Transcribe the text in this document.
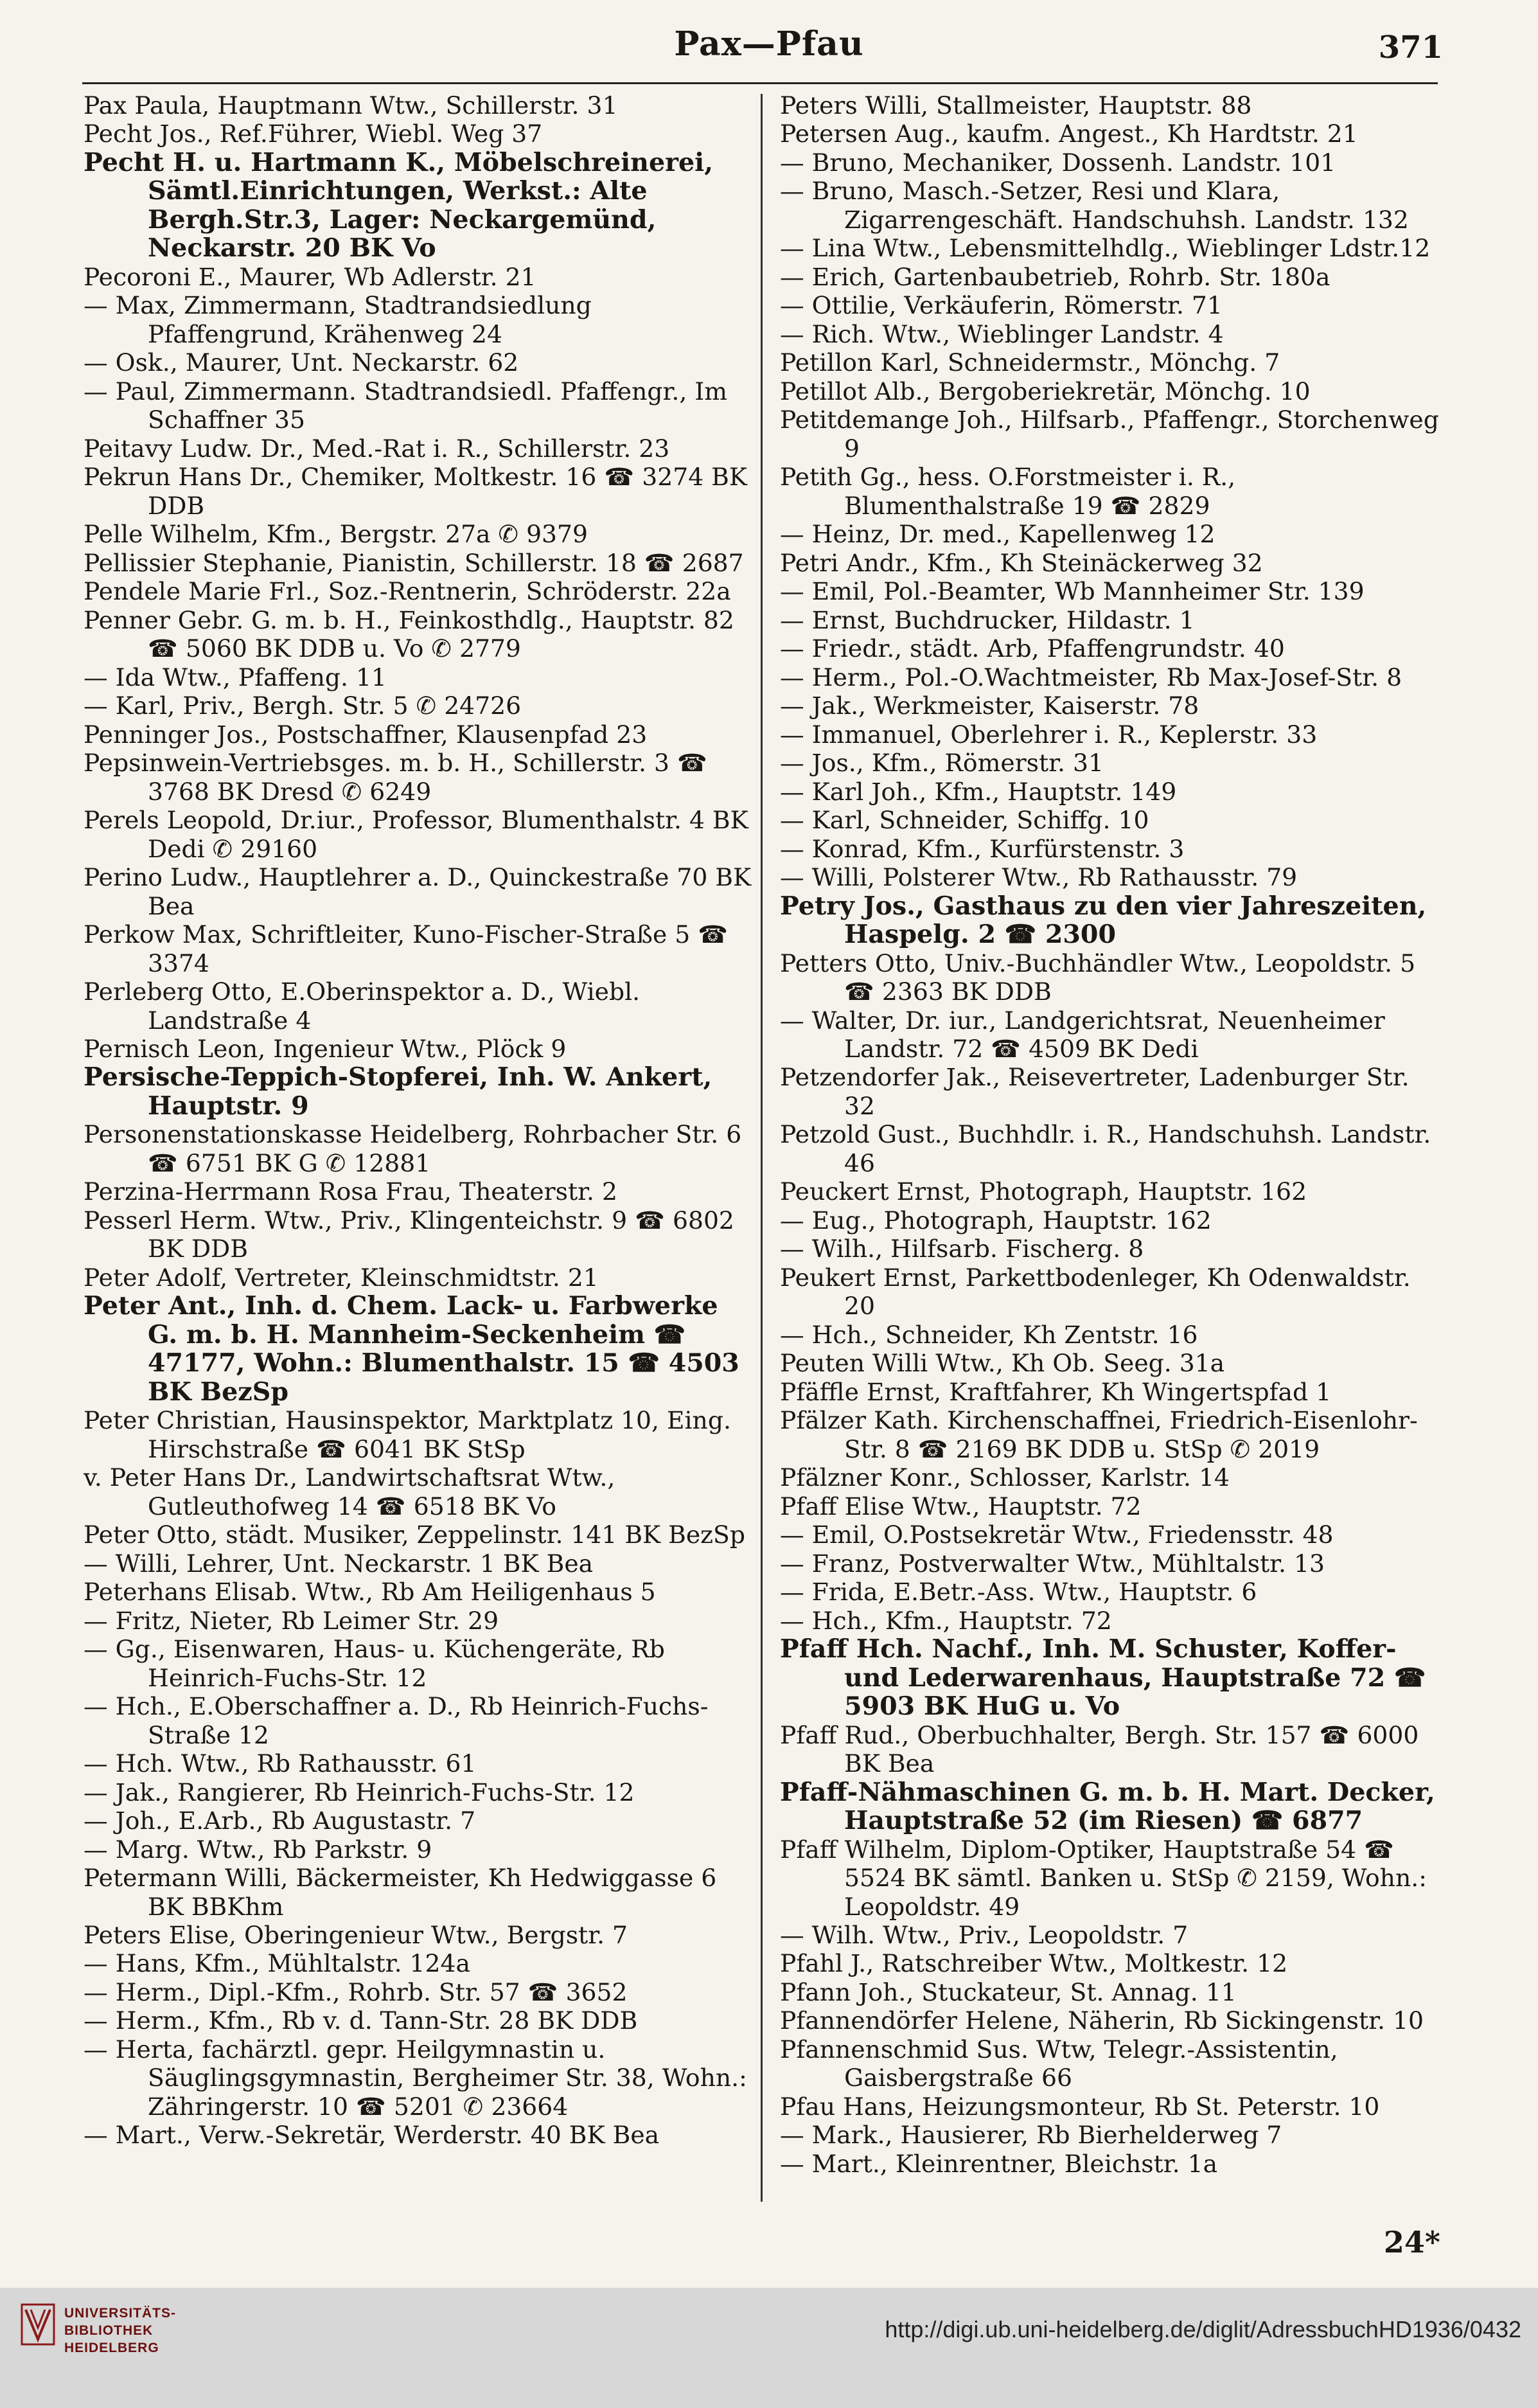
Pax—Pfau	371

Pax Paula, Hauptmann Wtw., Schillerstr. 31

Pecht Jos., Ref.Führer, Wiebl. Weg 37

Pecht H. u. Hartmann K., Möbelschreinerei, Sämtl.Einrichtungen, Werkst.: Alte Bergh.Str.3, Lager: Neckargemünd, Neckarstr. 20 BK Vo

Pecoroni E., Maurer, Wb Adlerstr. 21

— Max, Zimmermann, Stadtrandsiedlung Pfaffengrund, Krähenweg 24

— Osk., Maurer, Unt. Neckarstr. 62

— Paul, Zimmermann. Stadtrandsiedl. Pfaffengr., Im Schaffner 35

Peitavy Ludw. Dr., Med.-Rat i. R., Schillerstr. 23

Pekrun Hans Dr., Chemiker, Moltkestr. 16 ☎ 3274 BK DDB

Pelle Wilhelm, Kfm., Bergstr. 27a ✆ 9379

Pellissier Stephanie, Pianistin, Schillerstr. 18 ☎ 2687

Pendele Marie Frl., Soz.-Rentnerin, Schröderstr. 22a

Penner Gebr. G. m. b. H., Feinkosthdlg., Hauptstr. 82 ☎ 5060 BK DDB u. Vo ✆ 2779

— Ida Wtw., Pfaffeng. 11

— Karl, Priv., Bergh. Str. 5 ✆ 24726

Penninger Jos., Postschaffner, Klausenpfad 23

Pepsinwein-Vertriebsges. m. b. H., Schillerstr. 3 ☎ 3768 BK Dresd ✆ 6249

Perels Leopold, Dr.iur., Professor, Blumenthalstr. 4 BK Dedi ✆ 29160

Perino Ludw., Hauptlehrer a. D., Quinckestraße 70 BK Bea

Perkow Max, Schriftleiter, Kuno-Fischer-Straße 5 ☎ 3374

Perleberg Otto, E.Oberinspektor a. D., Wiebl. Landstraße 4

Pernisch Leon, Ingenieur Wtw., Plöck 9

Persische-Teppich-Stopferei, Inh. W. Ankert, Hauptstr. 9

Personenstationskasse Heidelberg, Rohrbacher Str. 6 ☎ 6751 BK G ✆ 12881

Perzina-Herrmann Rosa Frau, Theaterstr. 2

Pesserl Herm. Wtw., Priv., Klingenteichstr. 9 ☎ 6802 BK DDB

Peter Adolf, Vertreter, Kleinschmidtstr. 21

Peter Ant., Inh. d. Chem. Lack- u. Farbwerke G. m. b. H. Mannheim-Seckenheim ☎ 47177, Wohn.: Blumenthalstr. 15 ☎ 4503 BK BezSp

Peter Christian, Hausinspektor, Marktplatz 10, Eing. Hirschstraße ☎ 6041 BK StSp

v. Peter Hans Dr., Landwirtschaftsrat Wtw., Gutleuthofweg 14 ☎ 6518 BK Vo

Peter Otto, städt. Musiker, Zeppelinstr. 141 BK BezSp

— Willi, Lehrer, Unt. Neckarstr. 1 BK Bea

Peterhans Elisab. Wtw., Rb Am Heiligenhaus 5

— Fritz, Nieter, Rb Leimer Str. 29

— Gg., Eisenwaren, Haus- u. Küchengeräte, Rb Heinrich-Fuchs-Str. 12

— Hch., E.Oberschaffner a. D., Rb Heinrich-Fuchs-Straße 12

— Hch. Wtw., Rb Rathausstr. 61

— Jak., Rangierer, Rb Heinrich-Fuchs-Str. 12

— Joh., E.Arb., Rb Augustastr. 7

— Marg. Wtw., Rb Parkstr. 9

Petermann Willi, Bäckermeister, Kh Hedwiggasse 6 BK BBKhm

Peters Elise, Oberingenieur Wtw., Bergstr. 7

— Hans, Kfm., Mühltalstr. 124a

— Herm., Dipl.-Kfm., Rohrb. Str. 57 ☎ 3652

— Herm., Kfm., Rb v. d. Tann-Str. 28 BK DDB

— Herta, fachärztl. gepr. Heilgymnastin u. Säuglingsgymnastin, Bergheimer Str. 38, Wohn.: Zähringerstr. 10 ☎ 5201 ✆ 23664

— Mart., Verw.-Sekretär, Werderstr. 40 BK Bea

Peters Willi, Stallmeister, Hauptstr. 88

Petersen Aug., kaufm. Angest., Kh Hardtstr. 21

— Bruno, Mechaniker, Dossenh. Landstr. 101

— Bruno, Masch.-Setzer, Resi und Klara, Zigarrengeschäft. Handschuhsh. Landstr. 132

— Lina Wtw., Lebensmittelhdlg., Wieblinger Ldstr.12

— Erich, Gartenbaubetrieb, Rohrb. Str. 180a

— Ottilie, Verkäuferin, Römerstr. 71

— Rich. Wtw., Wieblinger Landstr. 4

Petillon Karl, Schneidermstr., Mönchg. 7

Petillot Alb., Bergoberiekretär, Mönchg. 10

Petitdemange Joh., Hilfsarb., Pfaffengr., Storchenweg 9

Petith Gg., hess. O.Forstmeister i. R., Blumenthalstraße 19 ☎ 2829

— Heinz, Dr. med., Kapellenweg 12

Petri Andr., Kfm., Kh Steinäckerweg 32

— Emil, Pol.-Beamter, Wb Mannheimer Str. 139

— Ernst, Buchdrucker, Hildastr. 1

— Friedr., städt. Arb, Pfaffengrundstr. 40

— Herm., Pol.-O.Wachtmeister, Rb Max-Josef-Str. 8

— Jak., Werkmeister, Kaiserstr. 78

— Immanuel, Oberlehrer i. R., Keplerstr. 33

— Jos., Kfm., Römerstr. 31

— Karl Joh., Kfm., Hauptstr. 149

— Karl, Schneider, Schiffg. 10

— Konrad, Kfm., Kurfürstenstr. 3

— Willi, Polsterer Wtw., Rb Rathausstr. 79

Petry Jos., Gasthaus zu den vier Jahreszeiten, Haspelg. 2 ☎ 2300

Petters Otto, Univ.-Buchhändler Wtw., Leopoldstr. 5 ☎ 2363 BK DDB

— Walter, Dr. iur., Landgerichtsrat, Neuenheimer Landstr. 72 ☎ 4509 BK Dedi

Petzendorfer Jak., Reisevertreter, Ladenburger Str. 32

Petzold Gust., Buchhdlr. i. R., Handschuhsh. Landstr. 46

Peuckert Ernst, Photograph, Hauptstr. 162

— Eug., Photograph, Hauptstr. 162

— Wilh., Hilfsarb. Fischerg. 8

Peukert Ernst, Parkettbodenleger, Kh Odenwaldstr. 20

— Hch., Schneider, Kh Zentstr. 16

Peuten Willi Wtw., Kh Ob. Seeg. 31a

Pfäffle Ernst, Kraftfahrer, Kh Wingertspfad 1

Pfälzer Kath. Kirchenschaffnei, Friedrich-Eisenlohr-Str. 8 ☎ 2169 BK DDB u. StSp ✆ 2019

Pfälzner Konr., Schlosser, Karlstr. 14

Pfaff Elise Wtw., Hauptstr. 72

— Emil, O.Postsekretär Wtw., Friedensstr. 48

— Franz, Postverwalter Wtw., Mühltalstr. 13

— Frida, E.Betr.-Ass. Wtw., Hauptstr. 6

— Hch., Kfm., Hauptstr. 72

Pfaff Hch. Nachf., Inh. M. Schuster, Koffer- und Lederwarenhaus, Hauptstraße 72 ☎ 5903 BK HuG u. Vo

Pfaff Rud., Oberbuchhalter, Bergh. Str. 157 ☎ 6000 BK Bea

Pfaff-Nähmaschinen G. m. b. H. Mart. Decker, Hauptstraße 52 (im Riesen) ☎ 6877

Pfaff Wilhelm, Diplom-Optiker, Hauptstraße 54 ☎ 5524 BK sämtl. Banken u. StSp ✆ 2159, Wohn.: Leopoldstr. 49

— Wilh. Wtw., Priv., Leopoldstr. 7

Pfahl J., Ratschreiber Wtw., Moltkestr. 12

Pfann Joh., Stuckateur, St. Annag. 11

Pfannendörfer Helene, Näherin, Rb Sickingenstr. 10

Pfannenschmid Sus. Wtw, Telegr.-Assistentin, Gaisbergstraße 66

Pfau Hans, Heizungsmonteur, Rb St. Peterstr. 10

— Mark., Hausierer, Rb Bierhelderweg 7

— Mart., Kleinrentner, Bleichstr. 1a

24*
UNIVERSITÄTS-
BIBLIOTHEK
HEIDELBERG
http://digi.ub.uni-heidelberg.de/diglit/AdressbuchHD1936/0432
